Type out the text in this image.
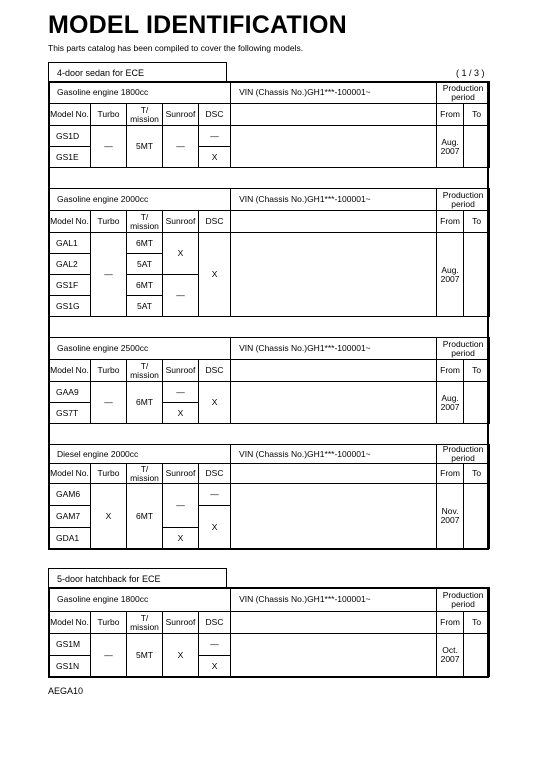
MODEL IDENTIFICATION
This parts catalog has been compiled to cover the following models.
4-door sedan for ECE	( 1 / 3 )
Gasoline engine 1800cc					VIN (Chassis No.)GH1***-100001~	Production period	
Model No.	Turbo	T/ mission	Sunroof	DSC		From	To
GS1D	—	5MT	—	—		Aug. 2007	
GS1E				X			

Gasoline engine 2000cc					VIN (Chassis No.)GH1***-100001~	Production period	
Model No.	Turbo	T/ mission	Sunroof	DSC		From	To
GAL1	—	6MT	X	X		Aug. 2007	
GAL2		5AT					
GS1F		6MT	—				
GS1G		5AT					

Gasoline engine 2500cc					VIN (Chassis No.)GH1***-100001~	Production period	
Model No.	Turbo	T/ mission	Sunroof	DSC		From	To
GAA9	—	6MT	—	X		Aug. 2007	
GS7T			X				

Diesel engine 2000cc					VIN (Chassis No.)GH1***-100001~	Production period	
Model No.	Turbo	T/ mission	Sunroof	DSC		From	To
GAM6	X	6MT	—	—		Nov. 2007	
GAM7				X			
GDA1			X				
5-door hatchback for ECE
Gasoline engine 1800cc					VIN (Chassis No.)GH1***-100001~	Production period	
Model No.	Turbo	T/ mission	Sunroof	DSC		From	To
GS1M	—	5MT	X	—		Oct. 2007	
GS1N				X			
AEGA10
